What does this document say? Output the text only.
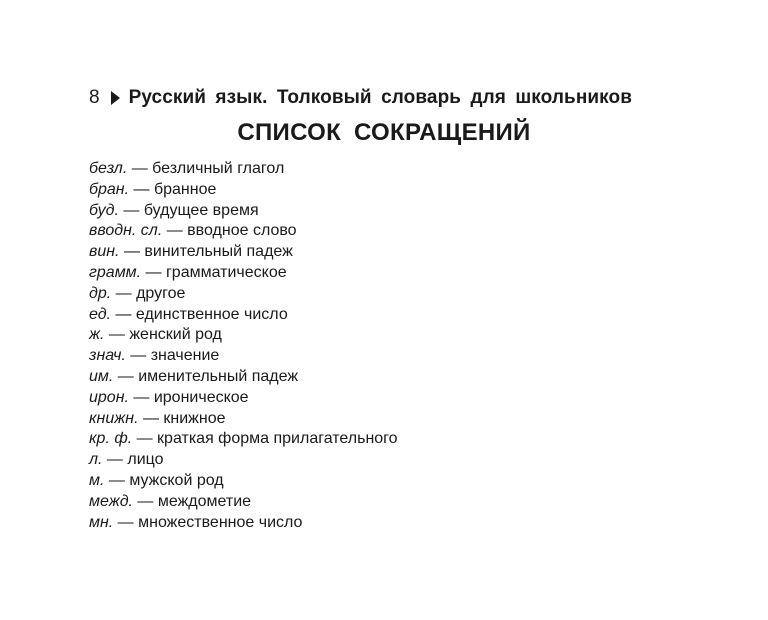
8 Русский язык. Толковый словарь для школьников
СПИСОК СОКРАЩЕНИЙ
безл. — безличный глагол
бран. — бранное
буд. — будущее время
вводн. сл. — вводное слово
вин. — винительный падеж
грамм. — грамматическое
др. — другое
ед. — единственное число
ж. — женский род
знач. — значение
им. — именительный падеж
ирон. — ироническое
книжн. — книжное
кр. ф. — краткая форма прилагательного
л. — лицо
м. — мужской род
межд. — междометие
мн. — множественное число
